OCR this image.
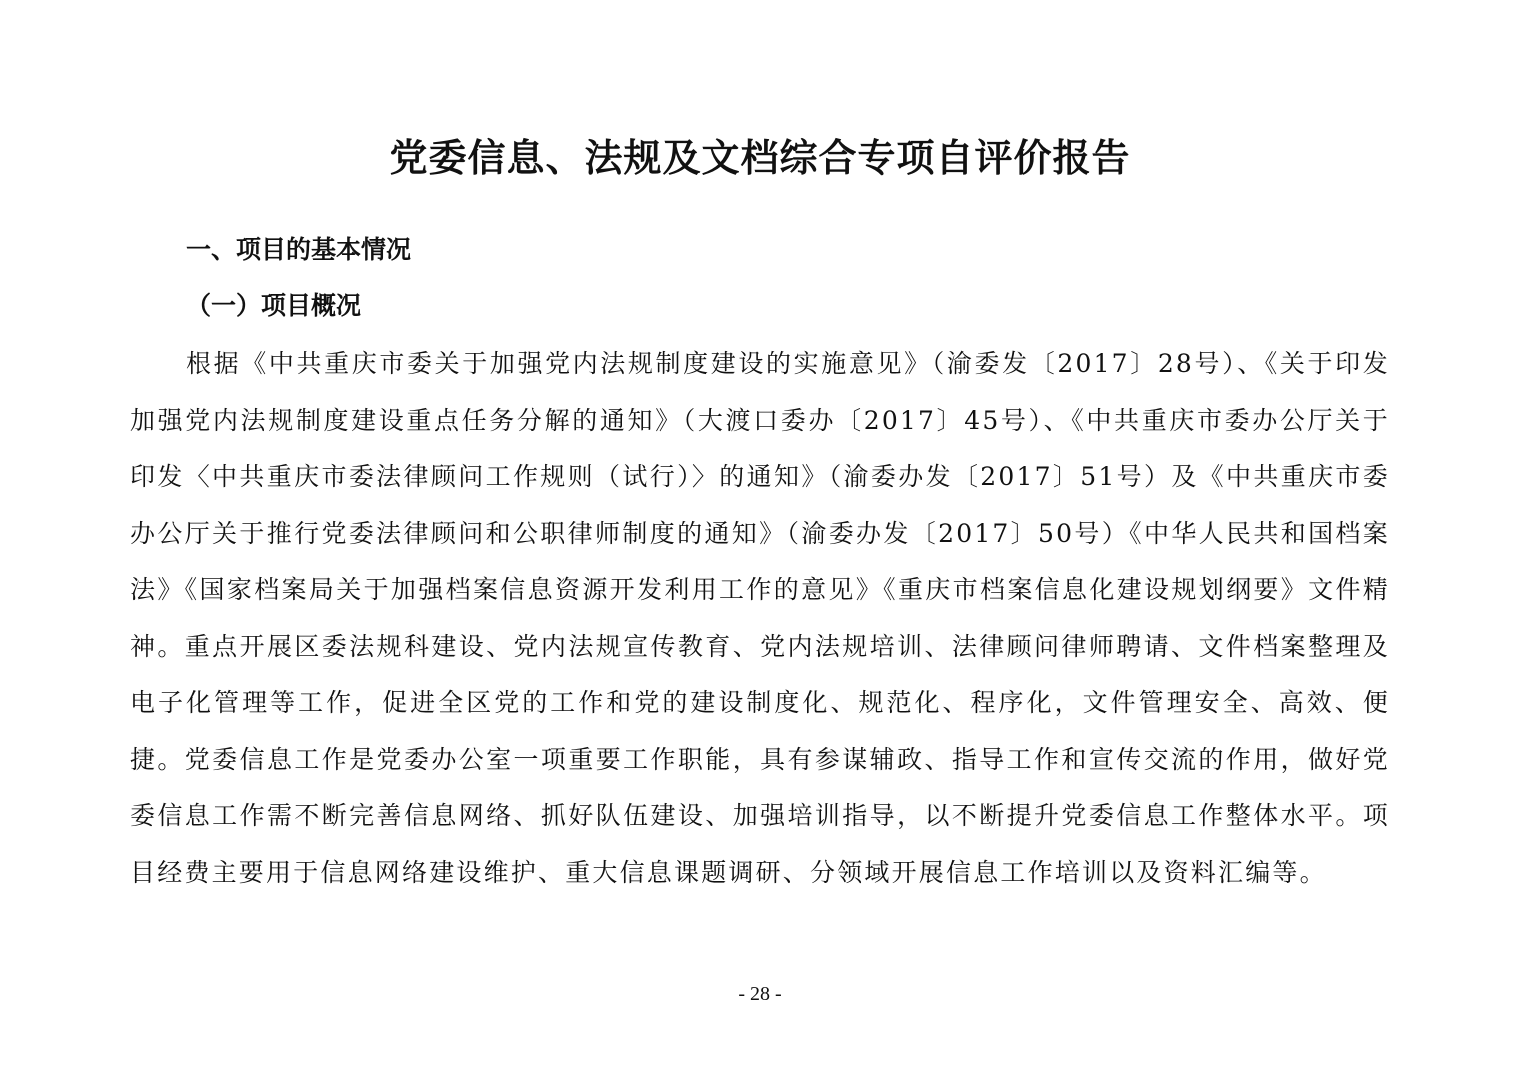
党委信息、法规及文档综合专项自评价报告
一、项目的基本情况
（一）项目概况

根据《中共重庆市委关于加强党内法规制度建设的实施意见》（渝委发〔2017〕28号）、《关于印发加强党内法规制度建设重点任务分解的通知》（大渡口委办〔2017〕45号）、《中共重庆市委办公厅关于印发〈中共重庆市委法律顾问工作规则（试行）〉的通知》（渝委办发〔2017〕51号）及《中共重庆市委办公厅关于推行党委法律顾问和公职律师制度的通知》（渝委办发〔2017〕50号）《中华人民共和国档案法》《国家档案局关于加强档案信息资源开发利用工作的意见》《重庆市档案信息化建设规划纲要》文件精神。重点开展区委法规科建设、党内法规宣传教育、党内法规培训、法律顾问律师聘请、文件档案整理及电子化管理等工作，促进全区党的工作和党的建设制度化、规范化、程序化，文件管理安全、高效、便捷。党委信息工作是党委办公室一项重要工作职能，具有参谋辅政、指导工作和宣传交流的作用，做好党委信息工作需不断完善信息网络、抓好队伍建设、加强培训指导，以不断提升党委信息工作整体水平。项目经费主要用于信息网络建设维护、重大信息课题调研、分领域开展信息工作培训以及资料汇编等。

- 28 -
